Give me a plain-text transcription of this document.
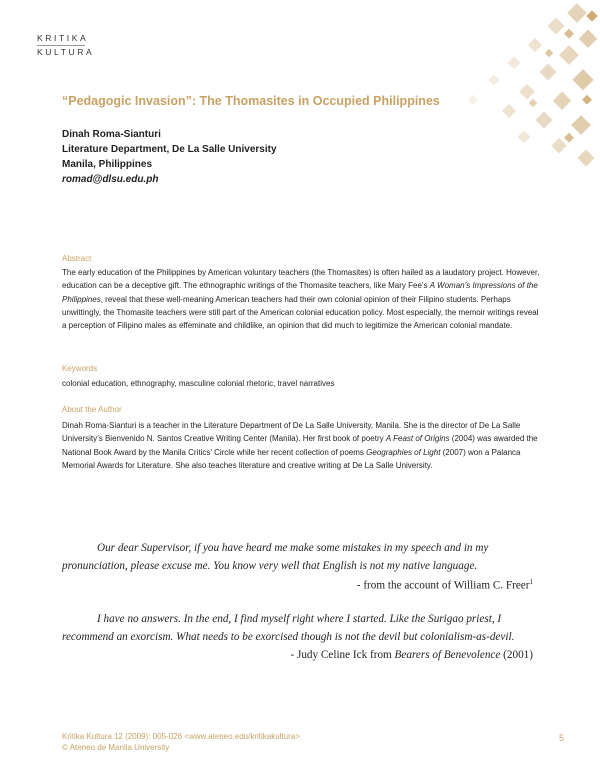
KRITIKA
KULTURA
“Pedagogic Invasion”: The Thomasites in Occupied Philippines
Dinah Roma-Sianturi
Literature Department, De La Salle University
Manila, Philippines
romad@dlsu.edu.ph

Abstract

The early education of the Philippines by American voluntary teachers (the Thomasites) is often hailed as a laudatory project. However, education can be a deceptive gift. The ethnographic writings of the Thomasite teachers, like Mary Fee’s A Woman’s Impressions of the Philippines, reveal that these well-meaning American teachers had their own colonial opinion of their Filipino students. Perhaps unwittingly, the Thomasite teachers were still part of the American colonial education policy. Most especially, the memoir writings reveal a perception of Filipino males as effeminate and childlike, an opinion that did much to legitimize the American colonial mandate.

Keywords

colonial education, ethnography, masculine colonial rhetoric, travel narratives

About the Author

Dinah Roma-Sianturi is a teacher in the Literature Department of De La Salle University, Manila. She is the director of De La Salle University’s Bienvenido N. Santos Creative Writing Center (Manila). Her first book of poetry A Feast of Origins (2004) was awarded the National Book Award by the Manila Critics’ Circle while her recent collection of poems Geographies of Light (2007) won a Palanca Memorial Awards for Literature. She also teaches literature and creative writing at De La Salle University.

Our dear Supervisor, if you have heard me make some mistakes in my speech and in my
pronunciation, please excuse me. You know very well that English is not my native language.
- from the account of William C. Freer$^1$
I have no answers. In the end, I find myself right where I started. Like the Surigao priest, I
recommend an exorcism. What needs to be exorcised though is not the devil but colonialism-as-devil.
- Judy Celine Ick from Bearers of Benevolence (2001)
Kritika Kultura 12 (2009): 005-026 <www.ateneo.edu/kritikakultura>
© Ateneo de Manila University
5
